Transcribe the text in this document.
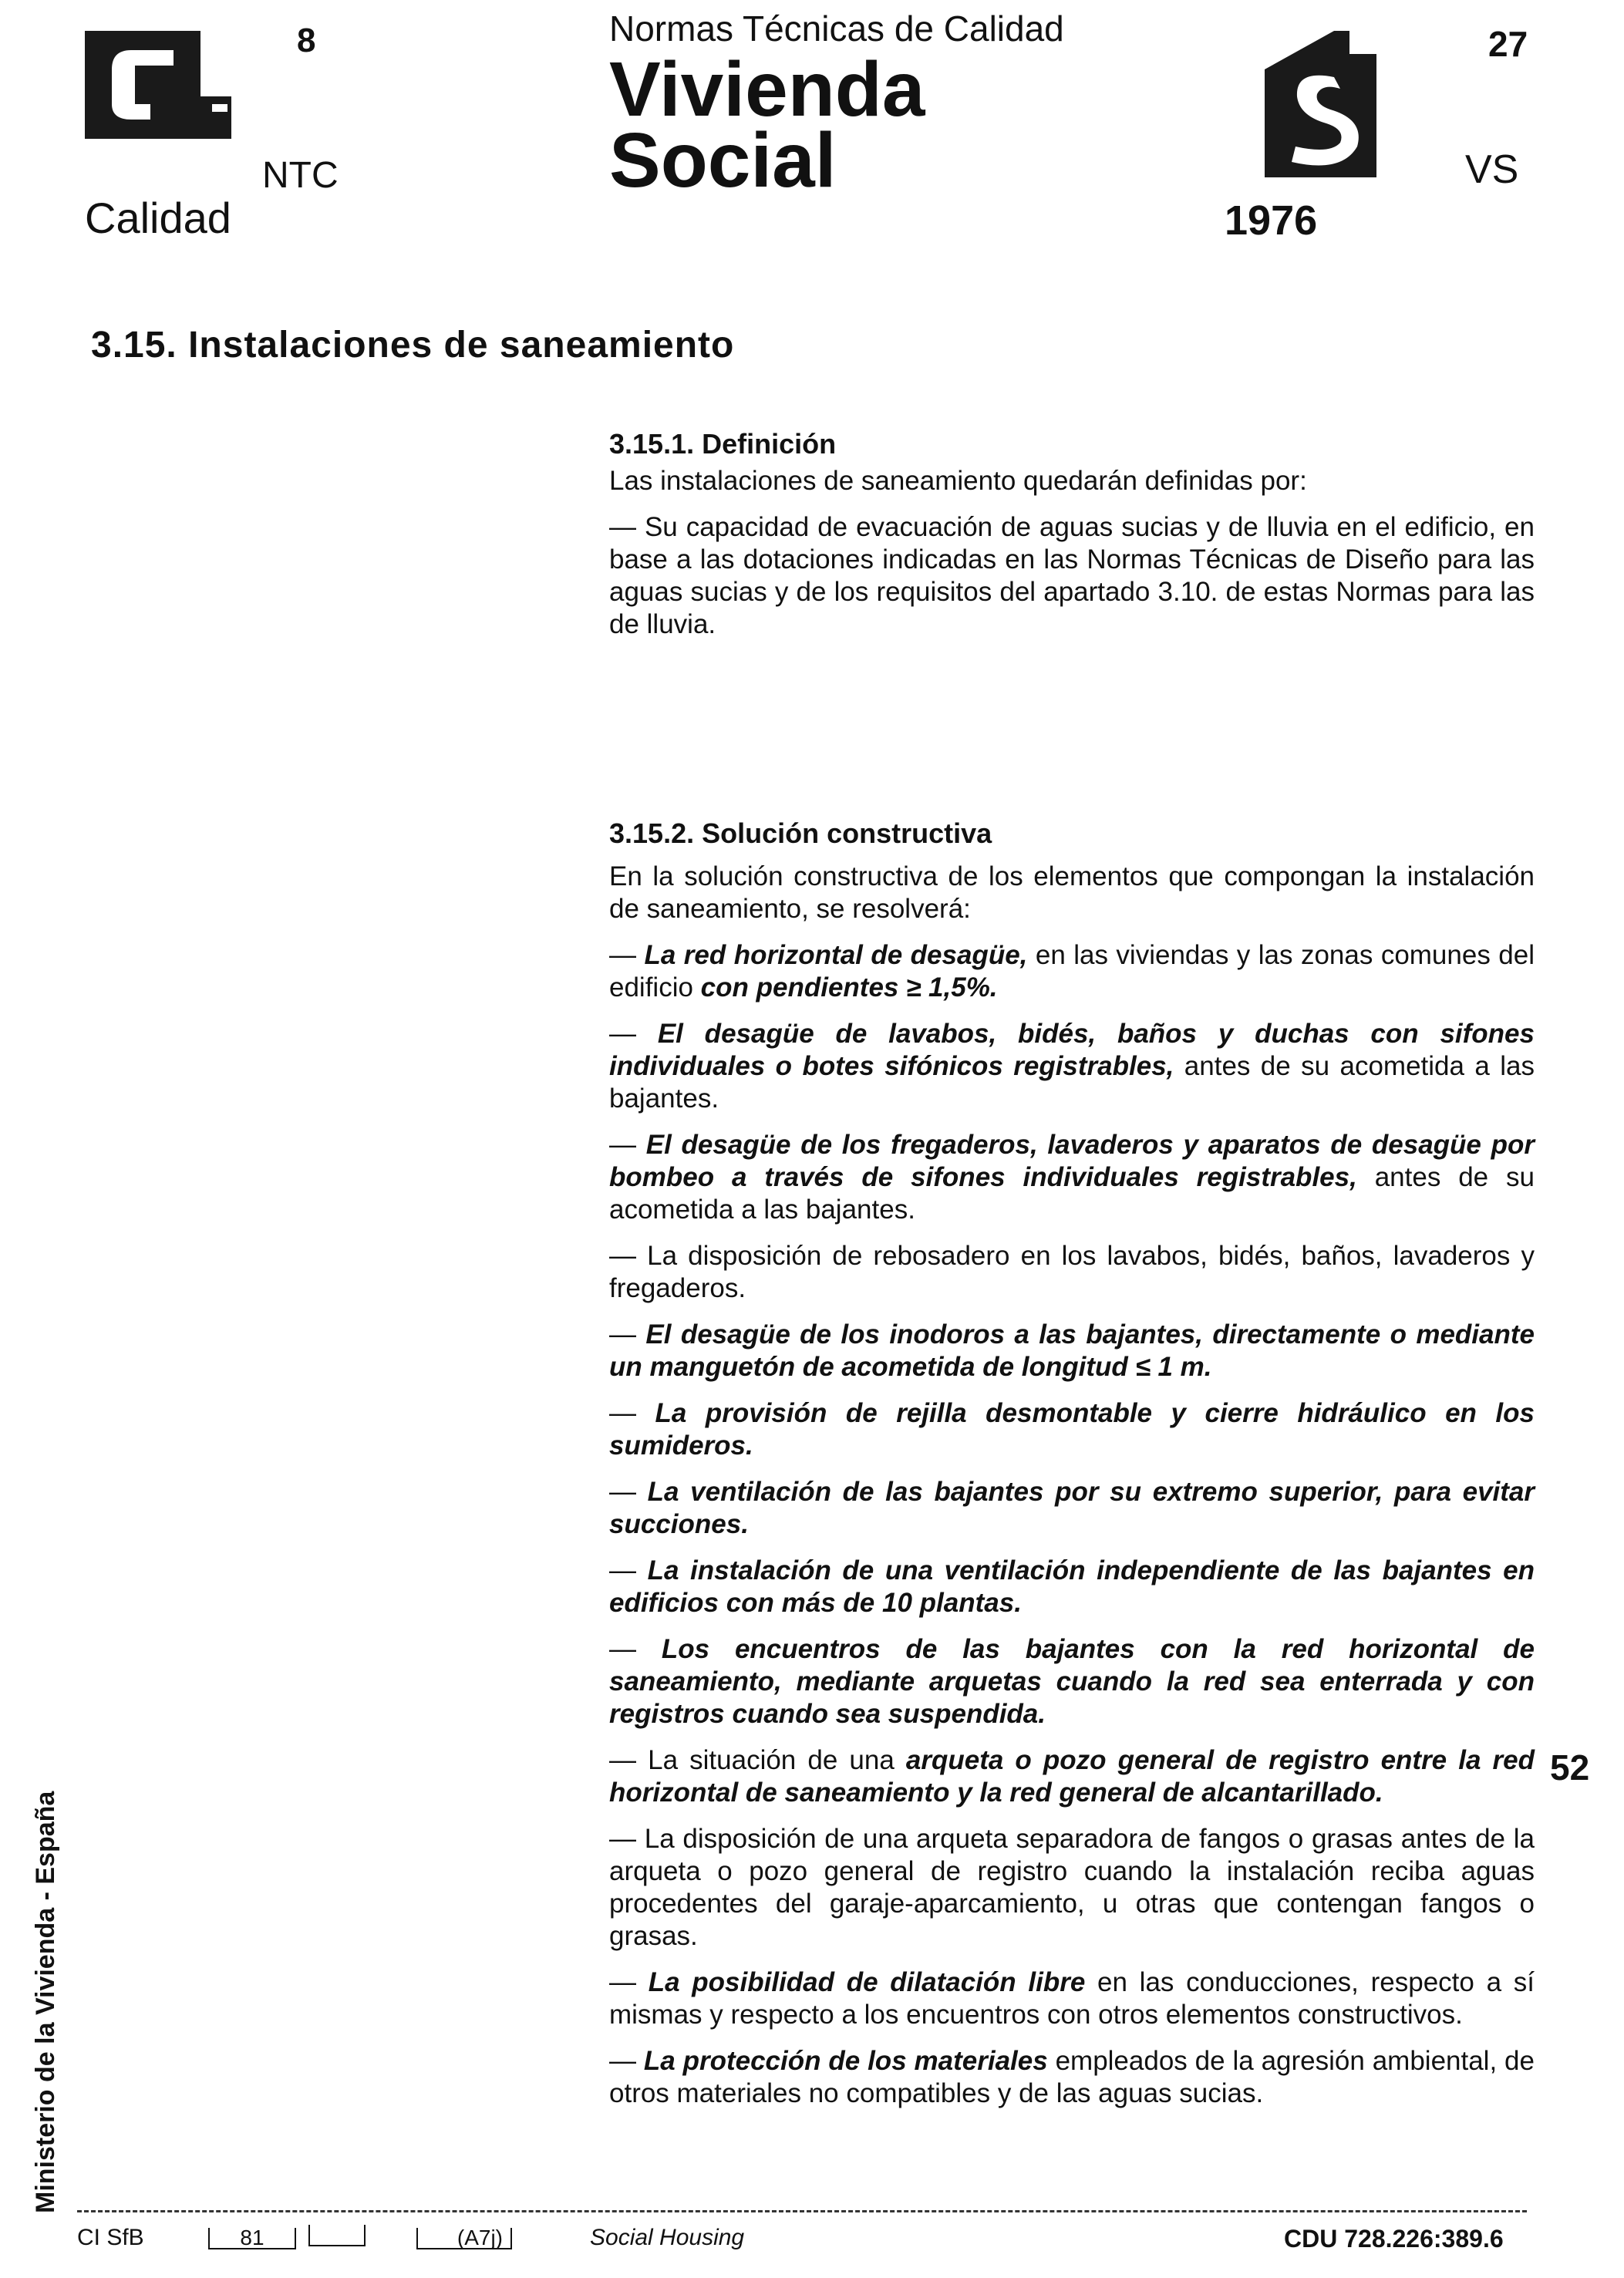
8
NTC
Calidad
Normas Técnicas de Calidad
Vivienda
Social
1976
27
VS
3.15. Instalaciones de saneamiento
3.15.1. Definición

Las instalaciones de saneamiento quedarán definidas por:

— Su capacidad de evacuación de aguas sucias y de lluvia en el edificio, en base a las dotaciones indicadas en las Normas Técnicas de Diseño para las aguas sucias y de los requisitos del apartado 3.10. de estas Normas para las de lluvia.

3.15.2. Solución constructiva

En la solución constructiva de los elementos que compongan la instalación de saneamiento, se resolverá:

— La red horizontal de desagüe, en las viviendas y las zonas comunes del edificio con pendientes ≥ 1,5%.

— El desagüe de lavabos, bidés, baños y duchas con sifones individuales o botes sifónicos registrables, antes de su acometida a las bajantes.

— El desagüe de los fregaderos, lavaderos y aparatos de desagüe por bombeo a través de sifones individuales registrables, antes de su acometida a las bajantes.

— La disposición de rebosadero en los lavabos, bidés, baños, lavaderos y fregaderos.

— El desagüe de los inodoros a las bajantes, directamente o mediante un manguetón de acometida de longitud ≤ 1 m.

— La provisión de rejilla desmontable y cierre hidráulico en los sumideros.

— La ventilación de las bajantes por su extremo superior, para evitar succiones.

— La instalación de una ventilación independiente de las bajantes en edificios con más de 10 plantas.

— Los encuentros de las bajantes con la red horizontal de saneamiento, mediante arquetas cuando la red sea enterrada y con registros cuando sea suspendida.

— La situación de una arqueta o pozo general de registro entre la red horizontal de saneamiento y la red general de alcantarillado.

— La disposición de una arqueta separadora de fangos o grasas antes de la arqueta o pozo general de registro cuando la instalación reciba aguas procedentes del garaje-aparcamiento, u otras que contengan fangos o grasas.

— La posibilidad de dilatación libre en las conducciones, respecto a sí mismas y respecto a los encuentros con otros elementos constructivos.

— La protección de los materiales empleados de la agresión ambiental, de otros materiales no compatibles y de las aguas sucias.

Ministerio de la Vivienda - España
52
CI SfB	81	(A7j)	Social Housing	CDU 728.226:389.6
